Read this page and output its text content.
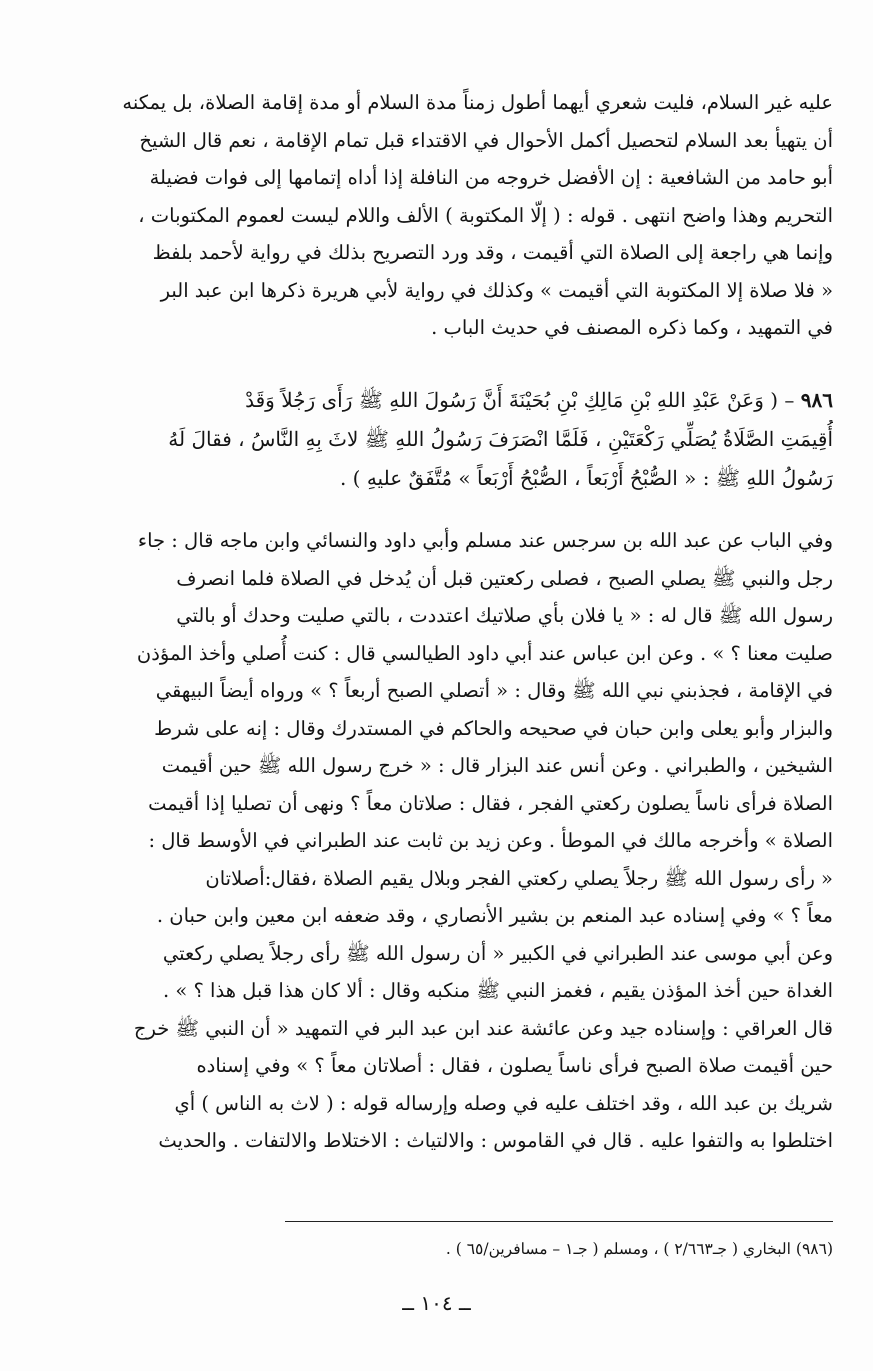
عليه غير السلام، فليت شعري أيهما أطول زمناً مدة السلام أو مدة إقامة الصلاة، بل يمكنه
أن يتهيأ بعد السلام لتحصيل أكمل الأحوال في الاقتداء قبل تمام الإقامة ، نعم قال الشيخ
أبو حامد من الشافعية : إن الأفضل خروجه من النافلة إذا أداه إتمامها إلى فوات فضيلة
التحريم وهذا واضح انتهى . قوله : ( إلّا المكتوبة ) الألف واللام ليست لعموم المكتوبات ،
وإنما هي راجعة إلى الصلاة التي أقيمت ، وقد ورد التصريح بذلك في رواية لأحمد بلفظ
« فلا صلاة إلا المكتوبة التي أقيمت » وكذلك في رواية لأبي هريرة ذكرها ابن عبد البر
في التمهيد ، وكما ذكره المصنف في حديث الباب .
٩٨٦ – ( وَعَنْ عَبْدِ اللهِ بْنِ مَالِكِ بْنِ بُحَيْنَةَ أَنَّ رَسُولَ اللهِ ﷺ رَأَى رَجُلاً وَقَدْ
أُقِيمَتِ الصَّلَاةُ يُصَلِّي رَكْعَتَيْنِ ، فَلَمَّا انْصَرَفَ رَسُولُ اللهِ ﷺ لاثَ بِهِ النَّاسُ ، فقالَ لَهُ
رَسُولُ اللهِ ﷺ : « الصُّبْحُ أَرْبَعاً ، الصُّبْحُ أَرْبَعاً » مُتَّفَقٌ عليهِ ) .
وفي الباب عن عبد الله بن سرجس عند مسلم وأبي داود والنسائي وابن ماجه قال : جاء
رجل والنبي ﷺ يصلي الصبح ، فصلى ركعتين قبل أن يُدخل في الصلاة فلما انصرف
رسول الله ﷺ قال له : « يا فلان بأي صلاتيك اعتددت ، بالتي صليت وحدك أو بالتي
صليت معنا ؟ » . وعن ابن عباس عند أبي داود الطيالسي قال : كنت أُصلي وأخذ المؤذن
في الإقامة ، فجذبني نبي الله ﷺ وقال : « أتصلي الصبح أربعاً ؟ » ورواه أيضاً البيهقي
والبزار وأبو يعلى وابن حبان في صحيحه والحاكم في المستدرك وقال : إنه على شرط
الشيخين ، والطبراني . وعن أنس عند البزار قال : « خرج رسول الله ﷺ حين أقيمت
الصلاة فرأى ناساً يصلون ركعتي الفجر ، فقال : صلاتان معاً ؟ ونهى أن تصليا إذا أقيمت
الصلاة » وأخرجه مالك في الموطأ . وعن زيد بن ثابت عند الطبراني في الأوسط قال :
« رأى رسول الله ﷺ رجلاً يصلي ركعتي الفجر وبلال يقيم الصلاة ،فقال:أصلاتان
معاً ؟ » وفي إسناده عبد المنعم بن بشير الأنصاري ، وقد ضعفه ابن معين وابن حبان .
وعن أبي موسى عند الطبراني في الكبير « أن رسول الله ﷺ رأى رجلاً يصلي ركعتي
الغداة حين أخذ المؤذن يقيم ، فغمز النبي ﷺ منكبه وقال : ألا كان هذا قبل هذا ؟ » .
قال العراقي : وإسناده جيد وعن عائشة عند ابن عبد البر في التمهيد « أن النبي ﷺ خرج
حين أقيمت صلاة الصبح فرأى ناساً يصلون ، فقال : أصلاتان معاً ؟ » وفي إسناده
شريك بن عبد الله ، وقد اختلف عليه في وصله وإرساله قوله : ( لاث به الناس ) أي
اختلطوا به والتفوا عليه . قال في القاموس : والالتياث : الاختلاط والالتفات . والحديث
(٩٨٦) البخاري ( جـ٢/٦٦٣ ) ، ومسلم ( جـ١ – مسافرين/٦٥ ) .
ــ ١٠٤ ــ
